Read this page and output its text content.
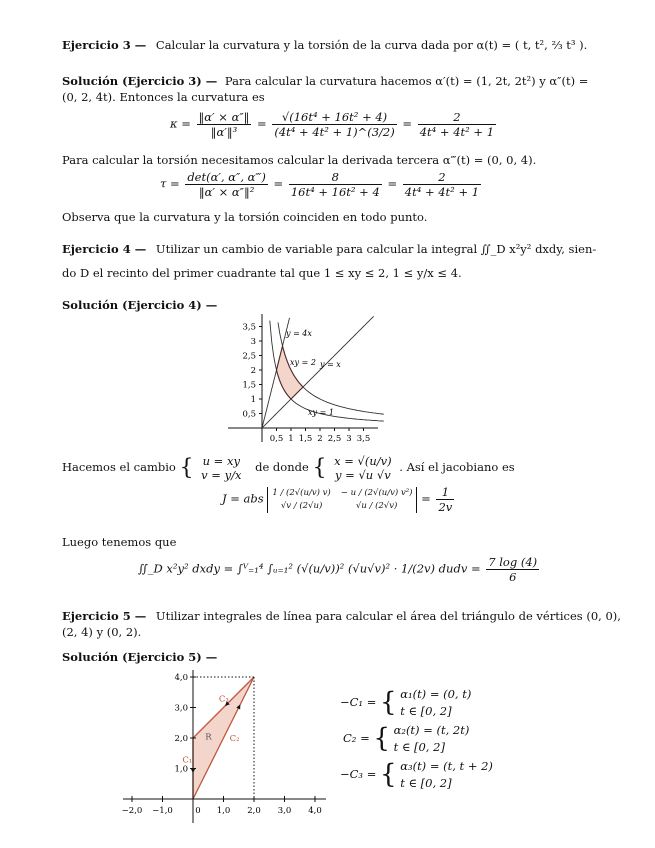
Ejercicio 3 — Calcular la curvatura y la torsión de la curva dada por α(t) = ( t, t², ⅔ t³ ).
Solución (Ejercicio 3) — Para calcular la curvatura hacemos α′(t) = (1, 2t, 2t²) y α″(t) =
(0, 2, 4t). Entonces la curvatura es
$\kappa = \frac{‖\alpha' \times \alpha''‖}{\text{‖α′‖³}} = \frac{\text{√(16t⁴ + 16t² + 4)}}{\text{(4t⁴ + 4t² + 1)\textasciicircum{}(3/2)}} = \frac{2}{\text{4t⁴ + 4t² + 1}}$
Para calcular la torsión necesitamos calcular la derivada tercera α‴(t) = (0, 0, 4).
$\tau = \frac{\det(\alpha', \alpha'', \alpha‴)}{\text{‖α′ × α″‖²}} = \frac{8}{\text{16t⁴ + 16t² + 4}} = \frac{2}{\text{4t⁴ + 4t² + 1}}$
Observa que la curvatura y la torsión coinciden en todo punto.
Ejercicio 4 — Utilizar un cambio de variable para calcular la integral ∬_D x²y² dxdy, sien-
do D el recinto del primer cuadrante tal que 1 ≤ xy ≤ 2, 1 ≤ y/x ≤ 4.
Solución (Ejercicio 4) —
0,5 1 1,5 2 2,5 3 3,5
0,5
1
1,5
2
2,5
3
3,5
y = 4x
xy = 2 y = x
xy = 1
Hacemos el cambio { u = xy
v = y/x
de donde { x = √(u/v)
y = √u √v
. Así el jacobiano es
J = abs 1 / (2√(u/v) v) − u / (2√(u/v) v²)
√v / (2√u)	√u / (2√v)	= $\frac{1}{2v}$
Luego tenemos que
∬_D x²y² dxdy = ∫ⱽ₌₁⁴ ∫ᵤ₌₁² (√(u/v))² (√u√v)² · 1/(2v) dudv = $\frac{7 \log (4)}{6}$
Ejercicio 5 — Utilizar integrales de línea para calcular el área del triángulo de vértices (0, 0),
(2, 4) y (0, 2).
Solución (Ejercicio 5) —
−2,0 −1,0	0 1,0 2,0 3,0 4,0
1,0
2,0
3,0
4,0
C₁
C₂
C₃
R
−C₁ = { α₁(t) = (0, t)
t ∈ [0, 2]
C₂ = { α₂(t) = (t, 2t)
t ∈ [0, 2]
−C₃ = { α₃(t) = (t, t + 2)
t ∈ [0, 2]
